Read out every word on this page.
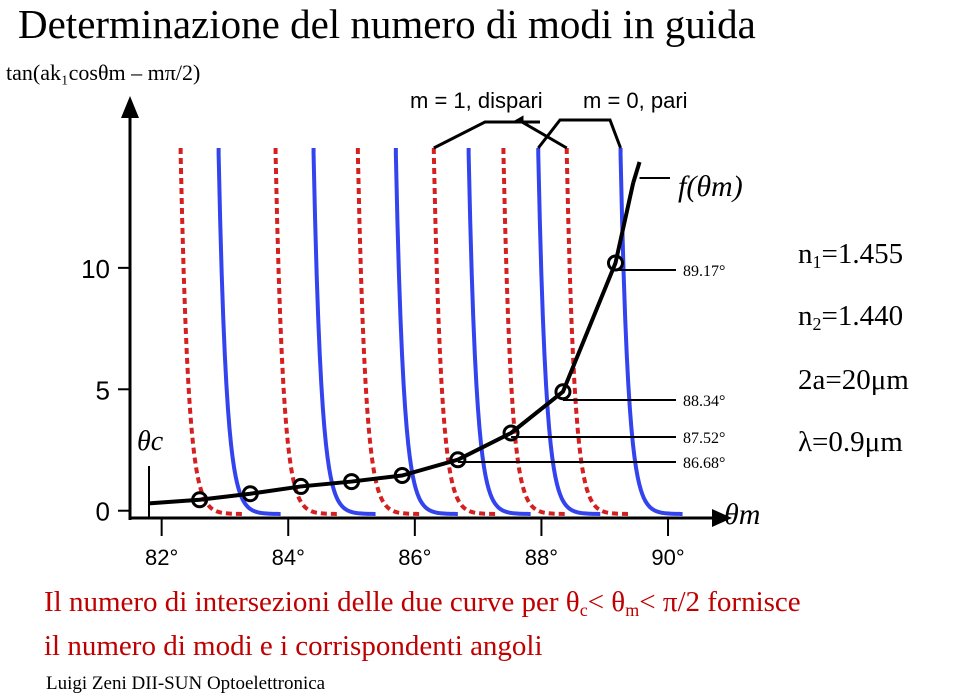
Determinazione del numero di modi in guida
82°	84°	86°	88°	90°
0
5
10
θc
f(θm)
89.17°
88.34°
87.52°
86.68°
m = 1, dispari m = 0, pari
tan(ak₁cosθm – mπ/2)
θm
$n_1=1.455$
$n_2=1.440$
2a=20μm
λ=0.9μm
Il numero di intersezioni delle due curve per $\theta_c< \theta_m< \pi/2$ fornisce
il numero di modi e i corrispondenti angoli
Luigi Zeni DII-SUN Optoelettronica
